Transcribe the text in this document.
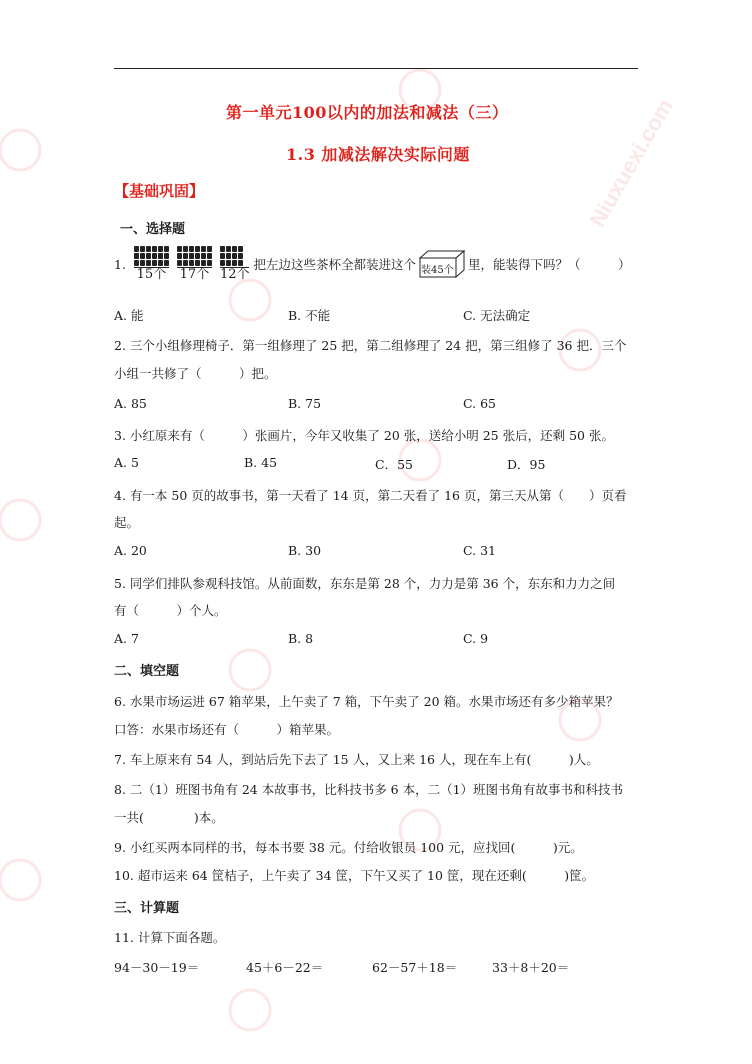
第一单元100以内的加法和减法（三）
1.3 加减法解决实际问题
【基础巩固】
一、选择题
1.
15个 17个 12个
把左边这些茶杯全都装进这个 装45个 里，能装得下吗？（　　　）
A. 能	B. 不能	C. 无法确定
2. 三个小组修理椅子．第一组修理了 25 把，第二组修理了 24 把，第三组修了 36 把．三个
小组一共修了（　　　）把。
A. 85	B. 75	C. 65
3. 小红原来有（　　　）张画片，今年又收集了 20 张，送给小明 25 张后，还剩 50 张。
A. 5	B. 45	C．55	D．95
4. 有一本 50 页的故事书，第一天看了 14 页，第二天看了 16 页，第三天从第（　　）页看
起。
A. 20	B. 30	C. 31
5. 同学们排队参观科技馆。从前面数，东东是第 28 个，力力是第 36 个，东东和力力之间
有（　　　）个人。
A. 7	B. 8	C. 9
二、填空题
6. 水果市场运进 67 箱苹果，上午卖了 7 箱，下午卖了 20 箱。水果市场还有多少箱苹果？
口答：水果市场还有（　　　）箱苹果。
7. 车上原来有 54 人，到站后先下去了 15 人，又上来 16 人，现在车上有(　　　)人。
8. 二（1）班图书角有 24 本故事书，比科技书多 6 本，二（1）班图书角有故事书和科技书
一共(　　　　)本。
9. 小红买两本同样的书，每本书要 38 元。付给收银员 100 元，应找回(　　　)元。
10. 超市运来 64 筐桔子，上午卖了 34 筐，下午又买了 10 筐，现在还剩(　　　)筐。
三、计算题
11. 计算下面各题。
94－30－19＝	45＋6－22＝	62－57＋18＝	33＋8＋20＝
Niuxuexi.com
